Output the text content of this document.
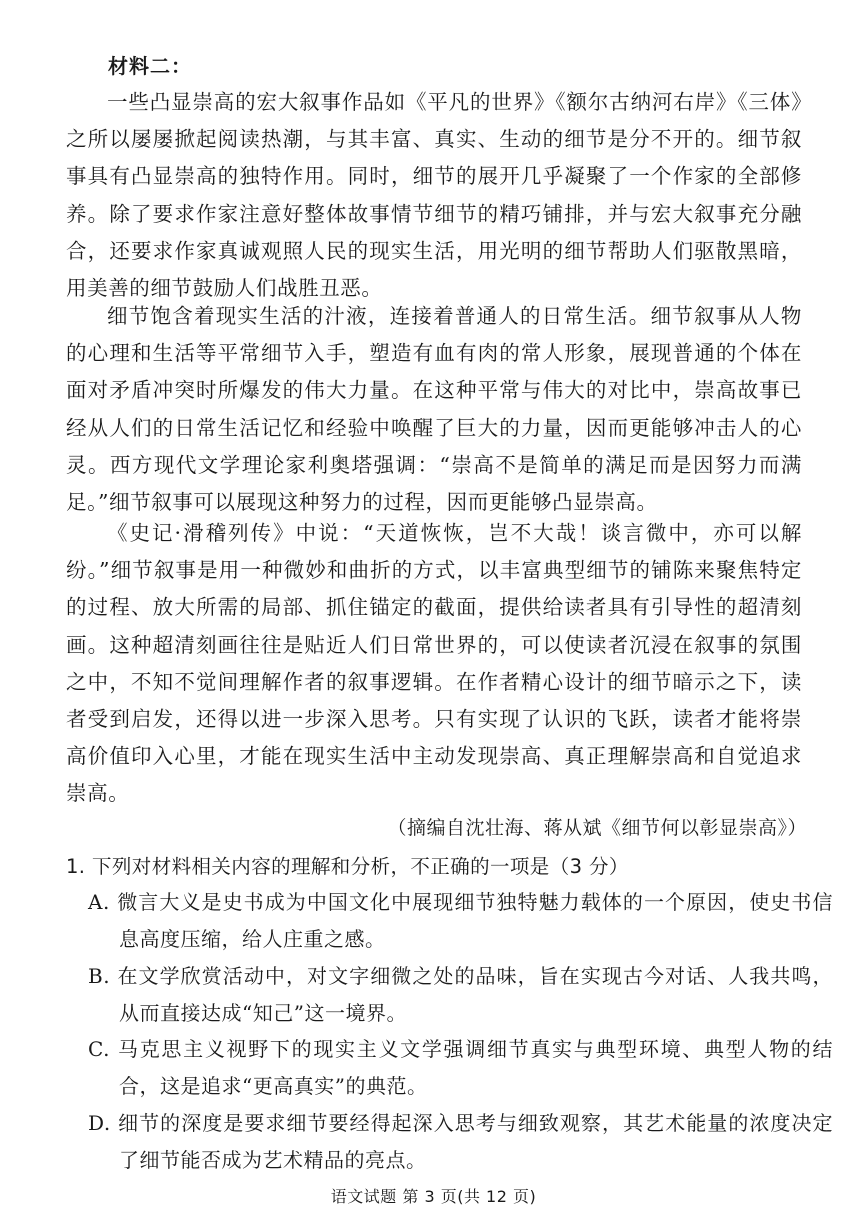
材料二：

一些凸显崇高的宏大叙事作品如《平凡的世界》《额尔古纳河右岸》《三体》之所以屡屡掀起阅读热潮，与其丰富、真实、生动的细节是分不开的。细节叙事具有凸显崇高的独特作用。同时，细节的展开几乎凝聚了一个作家的全部修养。除了要求作家注意好整体故事情节细节的精巧铺排，并与宏大叙事充分融合，还要求作家真诚观照人民的现实生活，用光明的细节帮助人们驱散黑暗，用美善的细节鼓励人们战胜丑恶。

细节饱含着现实生活的汁液，连接着普通人的日常生活。细节叙事从人物的心理和生活等平常细节入手，塑造有血有肉的常人形象，展现普通的个体在面对矛盾冲突时所爆发的伟大力量。在这种平常与伟大的对比中，崇高故事已经从人们的日常生活记忆和经验中唤醒了巨大的力量，因而更能够冲击人的心灵。西方现代文学理论家利奥塔强调：“崇高不是简单的满足而是因努力而满足。”细节叙事可以展现这种努力的过程，因而更能够凸显崇高。

《史记·滑稽列传》中说：“天道恢恢，岂不大哉！谈言微中，亦可以解纷。”细节叙事是用一种微妙和曲折的方式，以丰富典型细节的铺陈来聚焦特定的过程、放大所需的局部、抓住锚定的截面，提供给读者具有引导性的超清刻画。这种超清刻画往往是贴近人们日常世界的，可以使读者沉浸在叙事的氛围之中，不知不觉间理解作者的叙事逻辑。在作者精心设计的细节暗示之下，读者受到启发，还得以进一步深入思考。只有实现了认识的飞跃，读者才能将崇高价值印入心里，才能在现实生活中主动发现崇高、真正理解崇高和自觉追求崇高。

（摘编自沈壮海、蒋从斌《细节何以彰显崇高》）
1. 下列对材料相关内容的理解和分析，不正确的一项是（3 分）
A. 微言大义是史书成为中国文化中展现细节独特魅力载体的一个原因，使史书信息高度压缩，给人庄重之感。
B. 在文学欣赏活动中，对文字细微之处的品味，旨在实现古今对话、人我共鸣，从而直接达成“知己”这一境界。
C. 马克思主义视野下的现实主义文学强调细节真实与典型环境、典型人物的结合，这是追求“更高真实”的典范。
D. 细节的深度是要求细节要经得起深入思考与细致观察，其艺术能量的浓度决定了细节能否成为艺术精品的亮点。
语文试题 第 3 页(共 12 页)
